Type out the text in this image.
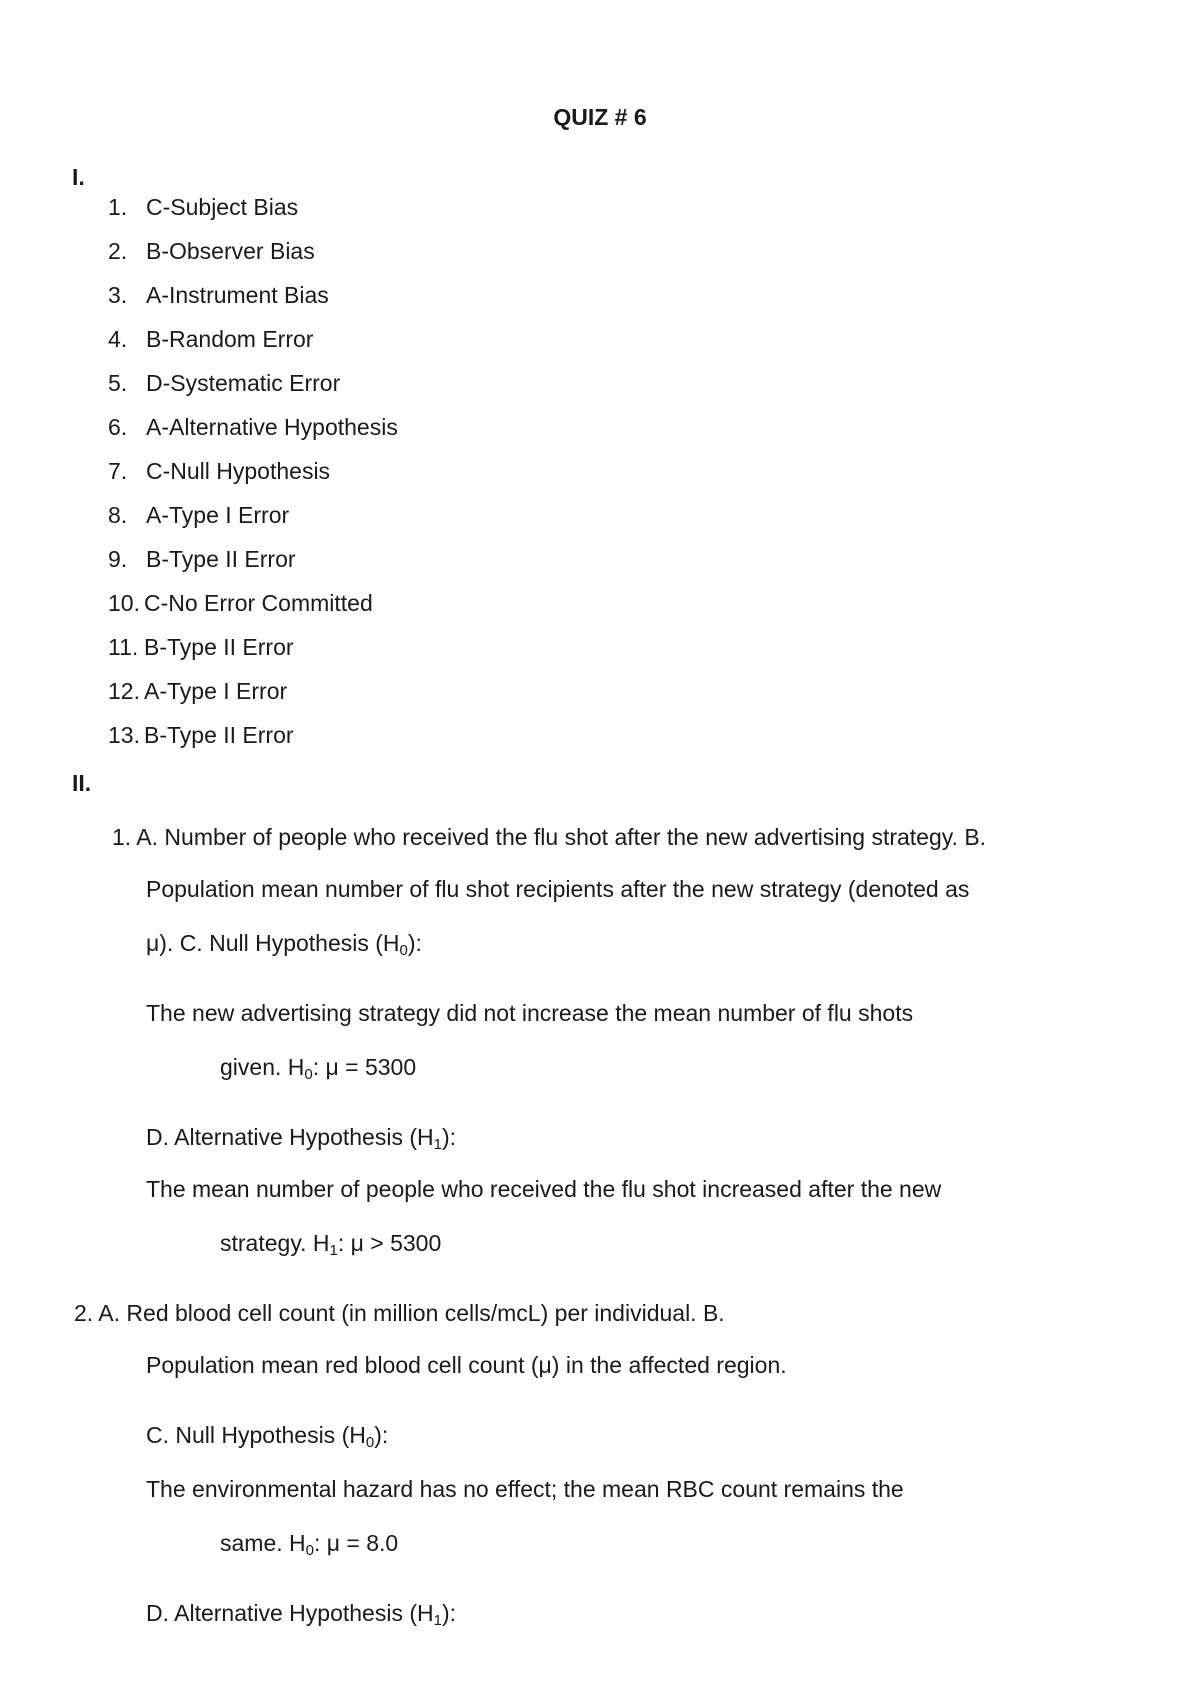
QUIZ # 6
I.
1. C-Subject Bias
2. B-Observer Bias
3. A-Instrument Bias
4. B-Random Error
5. D-Systematic Error
6. A-Alternative Hypothesis
7. C-Null Hypothesis
8. A-Type I Error
9. B-Type II Error
10. C-No Error Committed
11. B-Type II Error
12. A-Type I Error
13. B-Type II Error
II.
1. A. Number of people who received the flu shot after the new advertising strategy. B.
Population mean number of flu shot recipients after the new strategy (denoted as
μ). C. Null Hypothesis $(H_0)$:
The new advertising strategy did not increase the mean number of flu shots
given. $H_0$: μ = 5300
D. Alternative Hypothesis $(H_1)$:
The mean number of people who received the flu shot increased after the new
strategy. $H_1$: μ > 5300
2. A. Red blood cell count (in million cells/mcL) per individual. B.
Population mean red blood cell count (μ) in the affected region.
C. Null Hypothesis $(H_0)$:
The environmental hazard has no effect; the mean RBC count remains the
same. $H_0$: μ = 8.0
D. Alternative Hypothesis $(H_1)$:
